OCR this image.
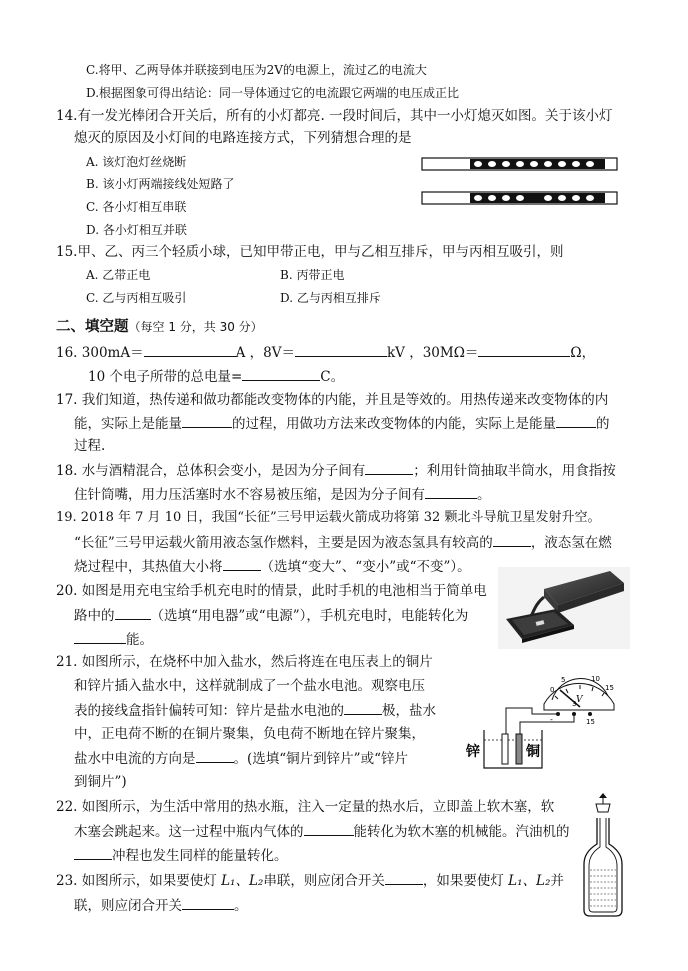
C.将甲、乙两导体并联接到电压为2V的电源上，流过乙的电流大
D.根据图象可得出结论：同一导体通过它的电流跟它两端的电压成正比
14.有一发光棒闭合开关后，所有的小灯都亮. 一段时间后，其中一小灯熄灭如图。关于该小灯
熄灭的原因及小灯间的电路连接方式，下列猜想合理的是
A. 该灯泡灯丝烧断
B. 该小灯两端接线处短路了
C. 各小灯相互串联
D. 各小灯相互并联
15.甲、乙、丙三个轻质小球，已知甲带正电，甲与乙相互排斥，甲与丙相互吸引，则
A. 乙带正电	B. 丙带正电
C. 乙与丙相互吸引	D. 乙与丙相互排斥
二、填空题（每空 1 分，共 30 分）
16. 300mA＝	A ，8V＝	kV ，30MΩ＝	Ω，
10 个电子所带的总电量=	C。
17. 我们知道，热传递和做功都能改变物体的内能，并且是等效的。用热传递来改变物体的内
能，实际上是能量	的过程，用做功方法来改变物体的内能，实际上是能量	的
过程.
18. 水与酒精混合，总体积会变小，是因为分子间有	；利用针筒抽取半筒水，用食指按
住针筒嘴，用力压活塞时水不容易被压缩，是因为分子间有	。
19. 2018 年 7 月 10 日，我国“长征”三号甲运载火箭成功将第 32 颗北斗导航卫星发射升空。
“长征”三号甲运载火箭用液态氢作燃料，主要是因为液态氢具有较高的	，液态氢在燃
烧过程中，其热值大小将	（选填“变大”、“变小”或“不变”）。
20. 如图是用充电宝给手机充电时的情景，此时手机的电池相当于简单电
路中的	（选填“用电器”或“电源”），手机充电时，电能转化为
能。
21. 如图所示，在烧杯中加入盐水，然后将连在电压表上的铜片
和锌片插入盐水中，这样就制成了一个盐水电池。观察电压
表的接线盒指针偏转可知：锌片是盐水电池的	极，盐水
中，正电荷不断的在铜片聚集，负电荷不断地在锌片聚集，
盐水中电流的方向是	。(选填“铜片到锌片”或“锌片
到铜片”)
0
5	10
15
V
-
3
15
锌	铜
22. 如图所示，为生活中常用的热水瓶，注入一定量的热水后，立即盖上软木塞，软
木塞会跳起来。这一过程中瓶内气体的	能转化为软木塞的机械能。汽油机的
冲程也发生同样的能量转化。
23. 如图所示，如果要使灯 L₁、L₂串联，则应闭合开关	，如果要使灯 L₁、L₂并
联，则应闭合开关	。
